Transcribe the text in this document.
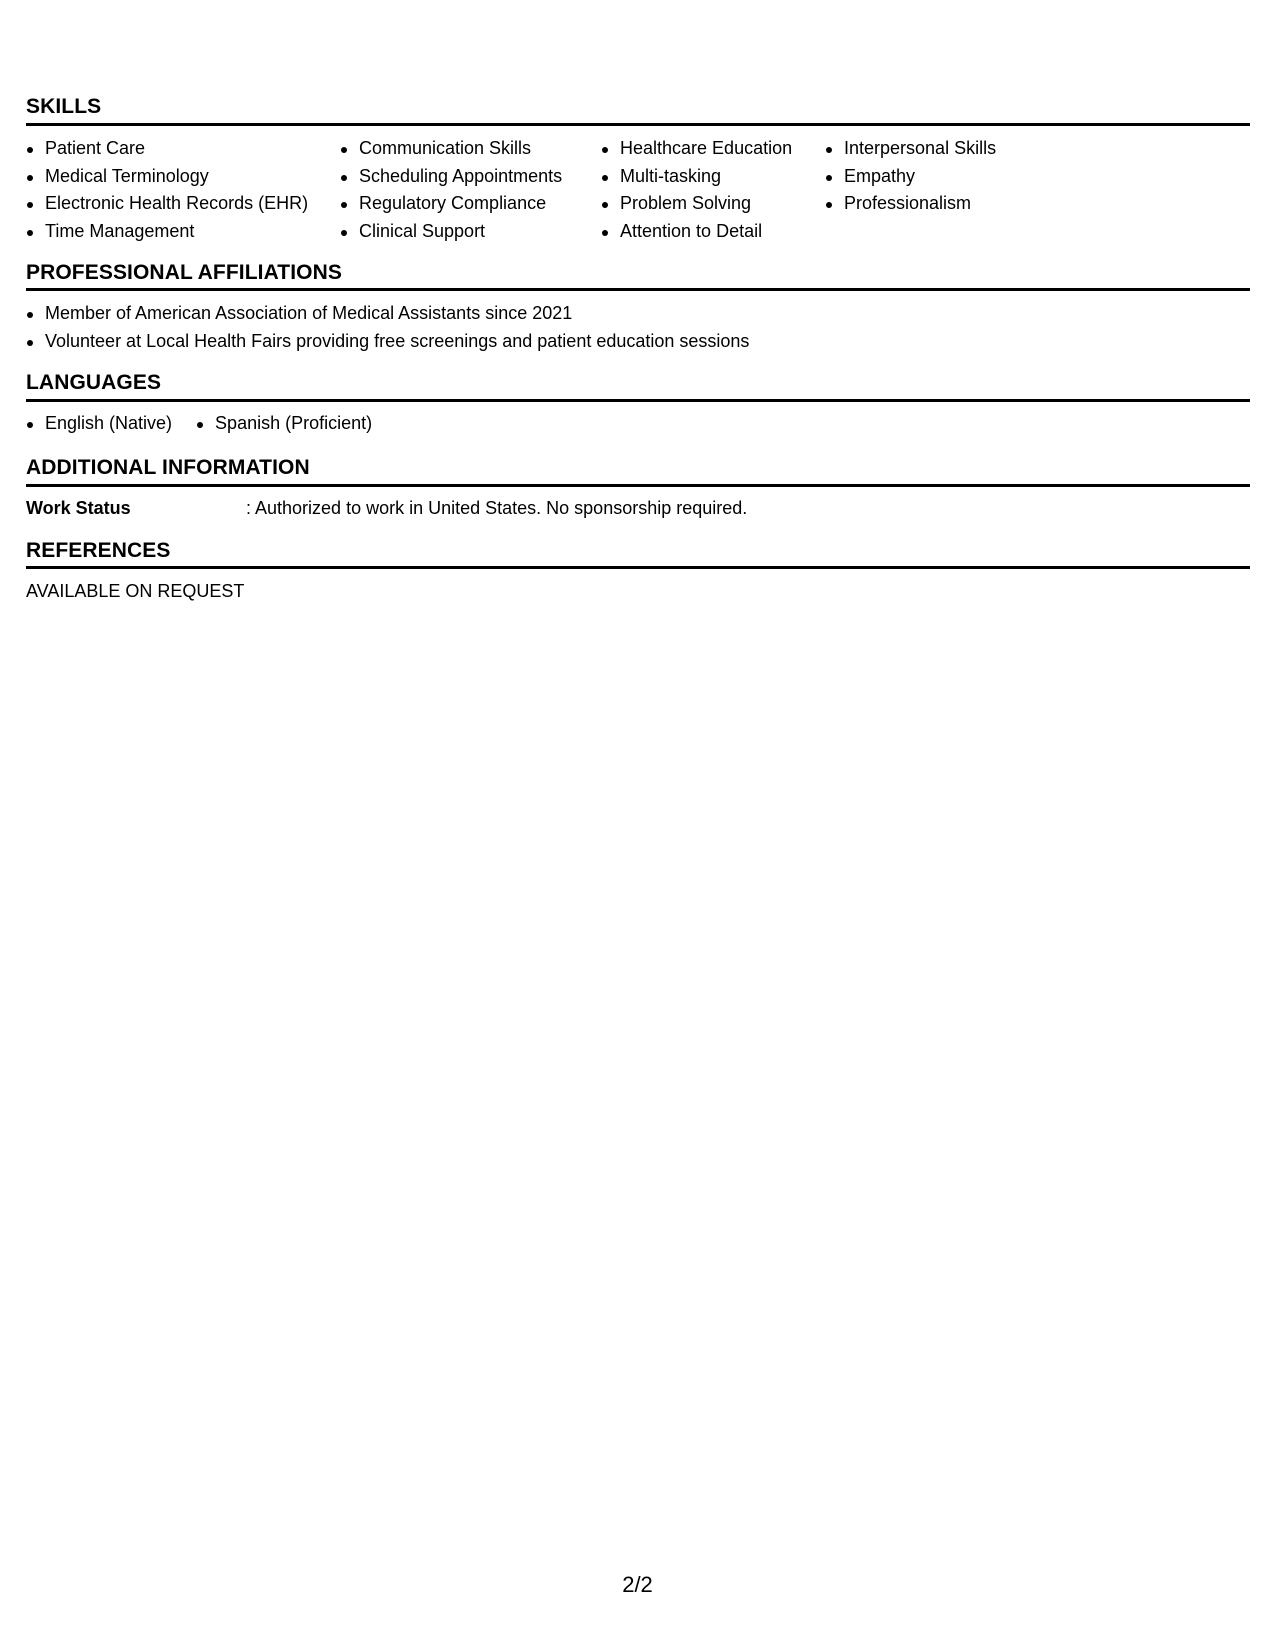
SKILLS
Patient Care
Medical Terminology
Electronic Health Records (EHR)
Time Management
Communication Skills
Scheduling Appointments
Regulatory Compliance
Clinical Support
Healthcare Education
Multi-tasking
Problem Solving
Attention to Detail
Interpersonal Skills
Empathy
Professionalism
PROFESSIONAL AFFILIATIONS
Member of American Association of Medical Assistants since 2021
Volunteer at Local Health Fairs providing free screenings and patient education sessions
LANGUAGES
English (Native)	Spanish (Proficient)
ADDITIONAL INFORMATION
Work Status	: Authorized to work in United States. No sponsorship required.
REFERENCES

AVAILABLE ON REQUEST

2/2
